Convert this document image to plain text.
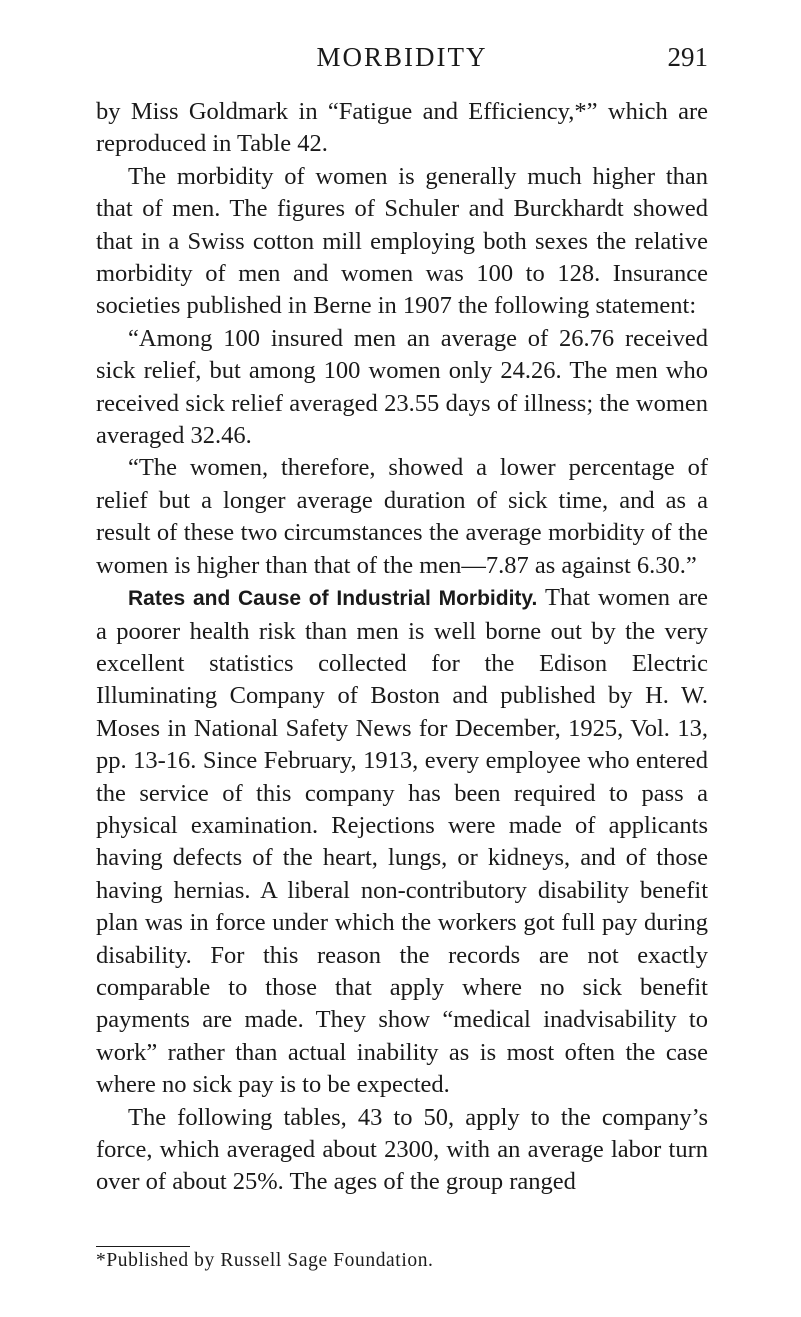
MORBIDITY	291

by Miss Goldmark in “Fatigue and Efficiency,*” which are reproduced in Table 42.

The morbidity of women is generally much higher than that of men. The figures of Schuler and Burckhardt showed that in a Swiss cotton mill employing both sexes the relative morbidity of men and women was 100 to 128. Insurance societies published in Berne in 1907 the following statement:

“Among 100 insured men an average of 26.76 received sick relief, but among 100 women only 24.26. The men who received sick relief averaged 23.55 days of illness; the women averaged 32.46.

“The women, therefore, showed a lower percentage of relief but a longer average duration of sick time, and as a result of these two circumstances the average morbidity of the women is higher than that of the men—7.87 as against 6.30.”

Rates and Cause of Industrial Morbidity. That women are a poorer health risk than men is well borne out by the very excellent statistics collected for the Edison Electric Illuminating Company of Boston and published by H. W. Moses in National Safety News for December, 1925, Vol. 13, pp. 13-16. Since February, 1913, every employee who entered the service of this company has been required to pass a physical examination. Rejections were made of applicants having defects of the heart, lungs, or kidneys, and of those having hernias. A liberal non-contributory disability benefit plan was in force under which the workers got full pay during disability. For this reason the records are not exactly comparable to those that apply where no sick benefit payments are made. They show “medical inadvisability to work” rather than actual inability as is most often the case where no sick pay is to be expected.

The following tables, 43 to 50, apply to the company’s force, which averaged about 2300, with an average labor turn over of about 25%. The ages of the group ranged

*Published by Russell Sage Foundation.
